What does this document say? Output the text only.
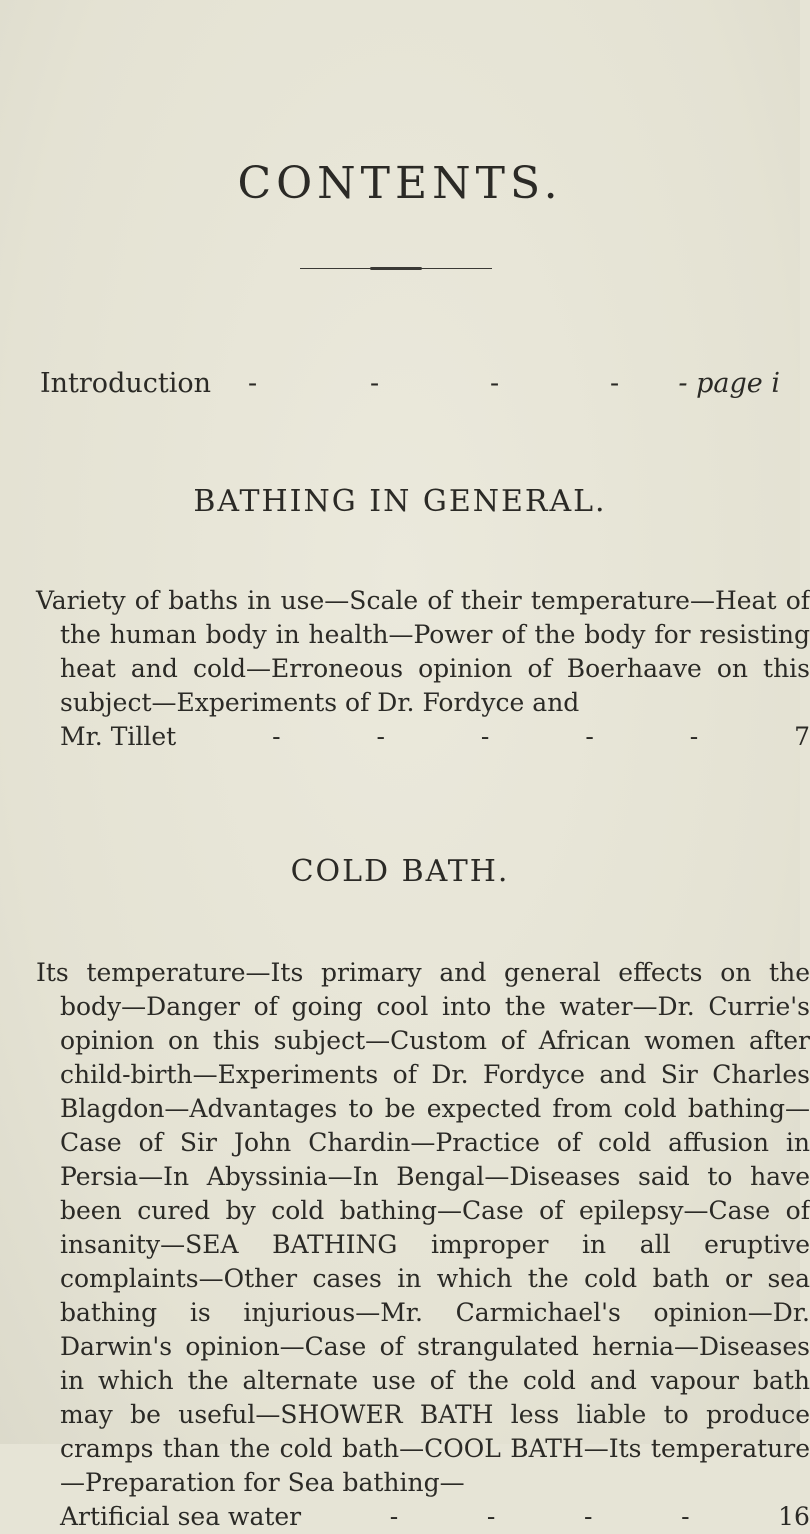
CONTENTS.
Introduction -	-	-	- - page i
BATHING IN GENERAL.
Variety of baths in use—Scale of their temperature—Heat of the human body in health—Power of the body for resisting heat and cold—Erroneous opinion of Boerhaave on this subject—Experiments of Dr. Fordyce and
Mr. Tillet	-	-	-	-	-	7
COLD BATH.
Its temperature—Its primary and general effects on the body—Danger of going cool into the water—Dr. Currie's opinion on this subject—Custom of African women after child-birth—Experiments of Dr. Fordyce and Sir Charles Blagdon—Advantages to be expected from cold bathing—Case of Sir John Chardin—Practice of cold affusion in Persia—In Abyssinia—In Bengal—Diseases said to have been cured by cold bathing—Case of epilepsy—Case of insanity—SEA BATHING improper in all eruptive complaints—Other cases in which the cold bath or sea bathing is injurious—Mr. Carmichael's opinion—Dr. Darwin's opinion—Case of strangulated hernia—Diseases in which the alternate use of the cold and vapour bath may be useful—SHOWER BATH less liable to produce cramps than the cold bath—COOL BATH—Its temperature—Preparation for Sea bathing—
Artificial sea water	-	-	-	-	16
